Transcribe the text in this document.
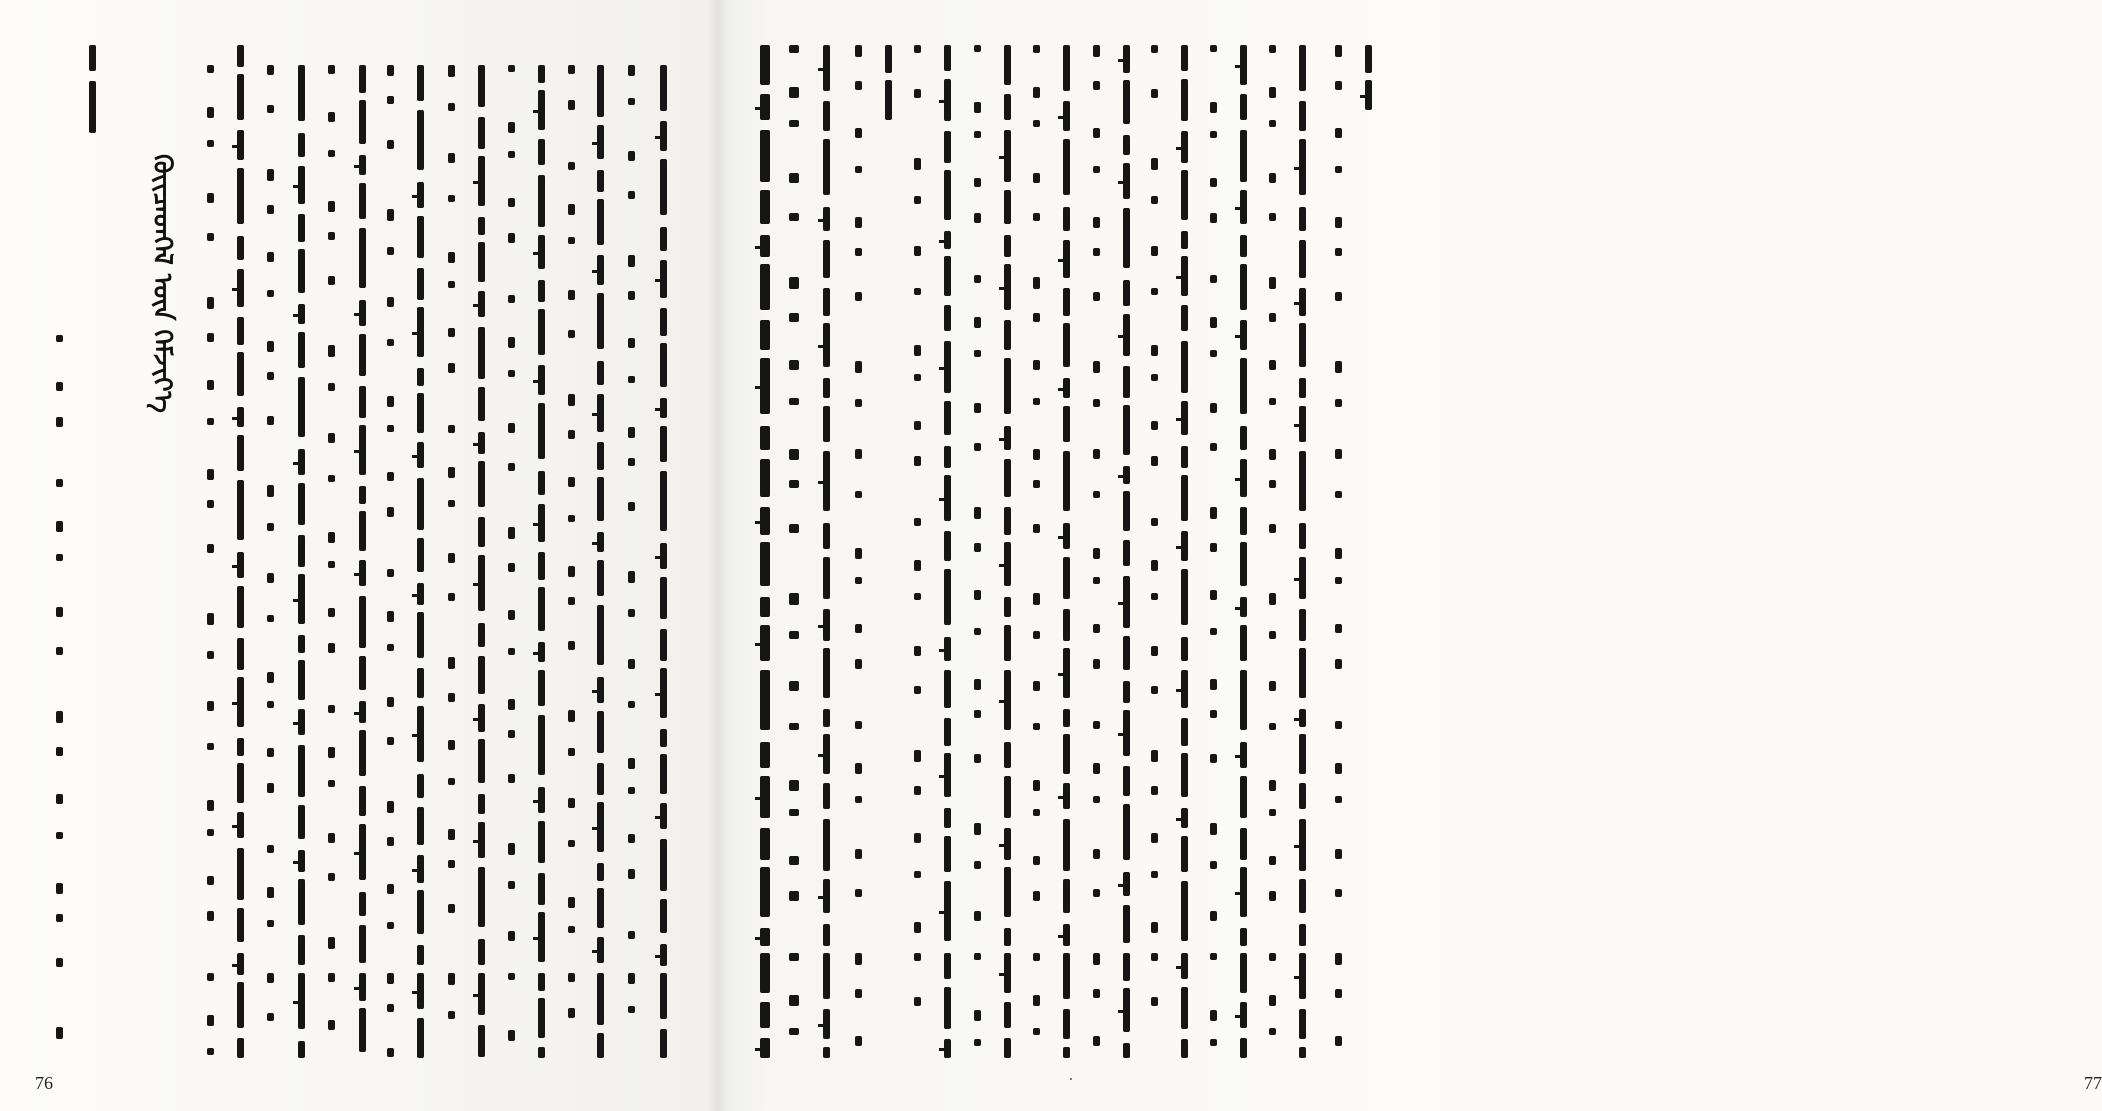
ᠭᠦᠢᠴᠡᠳᠬᠡᠯ ᠦᠨ ᠬᠡᠮᠵᠢᠶ᠎ᠡ
76	77
